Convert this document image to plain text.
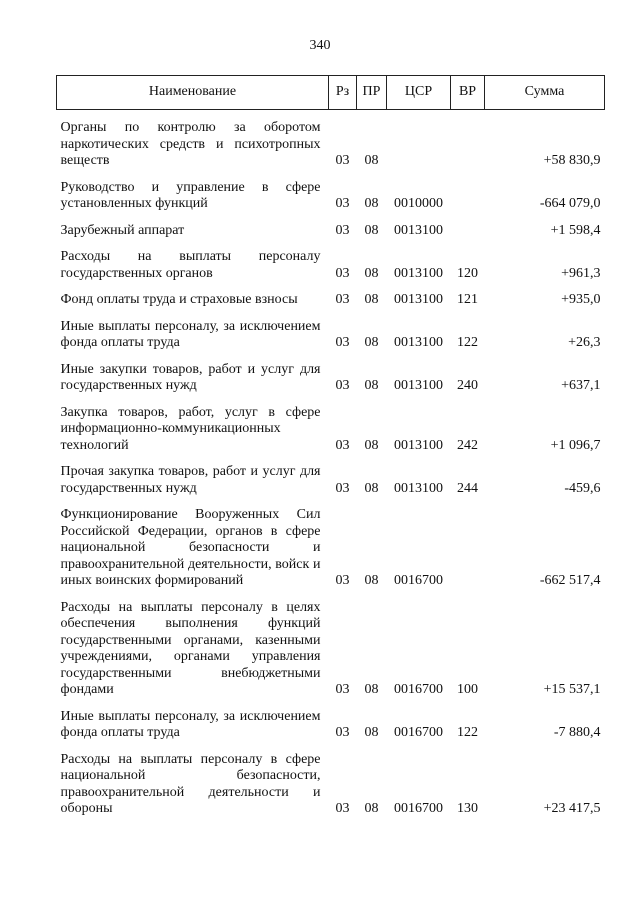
340
Наименование	Рз	ПР	ЦСР	ВР	Сумма
Органы по контролю за оборотом наркотических средств и психотропных веществ	03	08			+58 830,9
Руководство и управление в сфере установленных функций	03	08	0010000		-664 079,0
Зарубежный аппарат	03	08	0013100		+1 598,4
Расходы на выплаты персоналу государственных органов	03	08	0013100	120	+961,3
Фонд оплаты труда и страховые взносы	03	08	0013100	121	+935,0
Иные выплаты персоналу, за исключением фонда оплаты труда	03	08	0013100	122	+26,3
Иные закупки товаров, работ и услуг для государственных нужд	03	08	0013100	240	+637,1
Закупка товаров, работ, услуг в сфере информационно-коммуникационных технологий	03	08	0013100	242	+1 096,7
Прочая закупка товаров, работ и услуг для государственных нужд	03	08	0013100	244	-459,6
Функционирование Вооруженных Сил Российской Федерации, органов в сфере национальной безопасности и правоохранительной деятельности, войск и иных воинских формирований	03	08	0016700		-662 517,4
Расходы на выплаты персоналу в целях обеспечения выполнения функций государственными органами, казенными учреждениями, органами управления государственными внебюджетными фондами	03	08	0016700	100	+15 537,1
Иные выплаты персоналу, за исключением фонда оплаты труда	03	08	0016700	122	-7 880,4
Расходы на выплаты персоналу в сфере национальной безопасности, правоохранительной деятельности и обороны	03	08	0016700	130	+23 417,5
